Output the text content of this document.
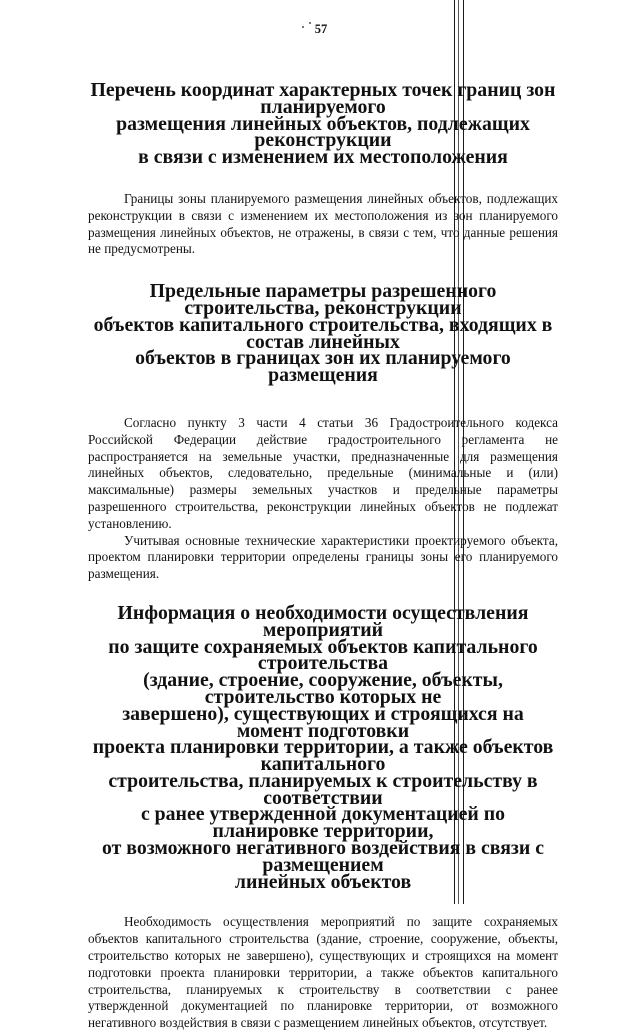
57
Перечень координат характерных точек границ зон планируемого
размещения линейных объектов, подлежащих реконструкции
в связи с изменением их местоположения

Границы зоны планируемого размещения линейных объектов, подлежащих реконструкции в связи с изменением их местоположения из зон планируемого размещения линейных объектов, не отражены, в связи с тем, что данные решения не предусмотрены.

Предельные параметры разрешенного строительства, реконструкции
объектов капитального строительства, входящих в состав линейных
объектов в границах зон их планируемого размещения

Согласно пункту 3 части 4 статьи 36 Градостроительного кодекса Российской Федерации действие градостроительного регламента не распространяется на земельные участки, предназначенные для размещения линейных объектов, следовательно, предельные (минимальные и (или) максимальные) размеры земельных участков и предельные параметры разрешенного строительства, реконструкции линейных объектов не подлежат установлению.

Учитывая основные технические характеристики проектируемого объекта, проектом планировки территории определены границы зоны его планируемого размещения.

Информация о необходимости осуществления мероприятий
по защите сохраняемых объектов капитального строительства
(здание, строение, сооружение, объекты, строительство которых не
завершено), существующих и строящихся на момент подготовки
проекта планировки территории, а также объектов капитального
строительства, планируемых к строительству в соответствии
с ранее утвержденной документацией по планировке территории,
от возможного негативного воздействия в связи с размещением
линейных объектов

Необходимость осуществления мероприятий по защите сохраняемых объектов капитального строительства (здание, строение, сооружение, объекты, строительство которых не завершено), существующих и строящихся на момент подготовки проекта планировки территории, а также объектов капитального строительства, планируемых к строительству в соответствии с ранее утвержденной документацией по планировке территории, от возможного негативного воздействия в связи с размещением линейных объектов, отсутствует.
